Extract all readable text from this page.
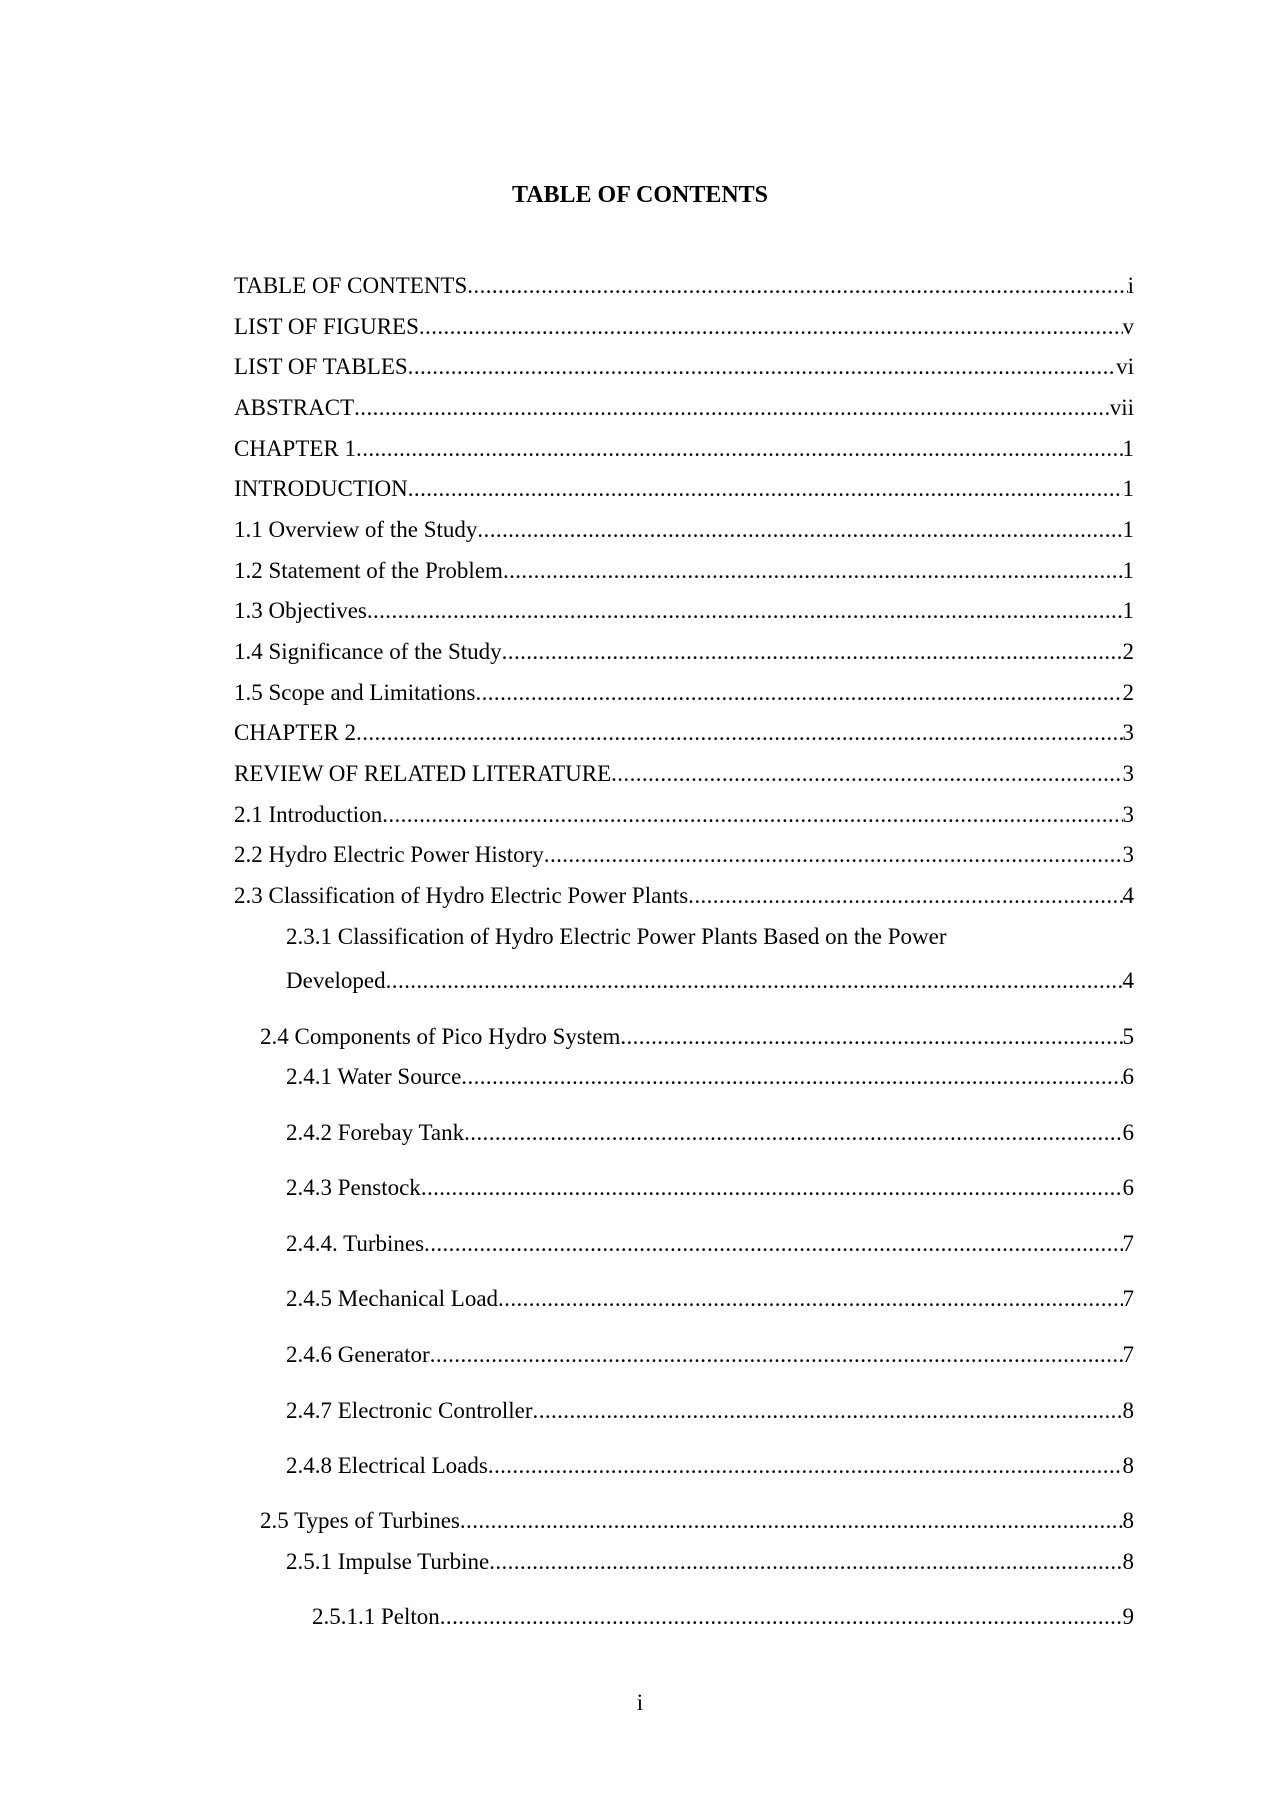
TABLE OF CONTENTS
TABLE OF CONTENTS .....	i
LIST OF FIGURES .....	v
LIST OF TABLES .....	vi
ABSTRACT .....	vii
CHAPTER 1 .....	1
INTRODUCTION .....	1
1.1 Overview of the Study .....	1
1.2 Statement of the Problem .....	1
1.3 Objectives .....	1
1.4 Significance of the Study .....	2
1.5 Scope and Limitations .....	2
CHAPTER 2 .....	3
REVIEW OF RELATED LITERATURE .....	3
2.1 Introduction .....	3
2.2 Hydro Electric Power History .....	3
2.3 Classification of Hydro Electric Power Plants .....	4
2.3.1 Classification of Hydro Electric Power Plants Based on the Power
Developed .....	4
2.4 Components of Pico Hydro System .....	5
2.4.1 Water Source .....	6
2.4.2 Forebay Tank .....	6
2.4.3 Penstock .....	6
2.4.4. Turbines .....	7
2.4.5 Mechanical Load .....	7
2.4.6 Generator .....	7
2.4.7 Electronic Controller .....	8
2.4.8 Electrical Loads .....	8
2.5 Types of Turbines .....	8
2.5.1 Impulse Turbine .....	8
2.5.1.1 Pelton .....	9
i
